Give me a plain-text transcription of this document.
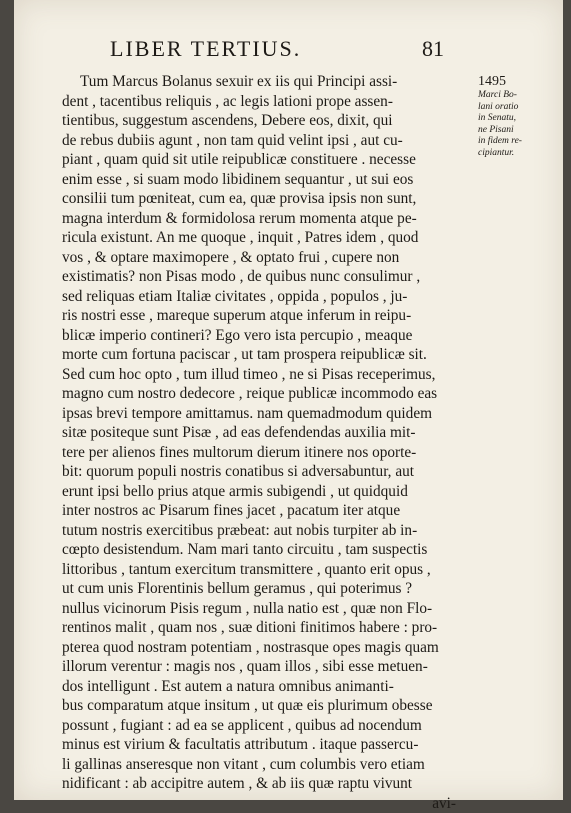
LIBER TERTIUS.	81
Tum Marcus Bolanus sexuir ex iis qui Principi assi-
dent , tacentibus reliquis , ac legis lationi prope assen-
tientibus, suggestum ascendens, Debere eos, dixit, qui
de rebus dubiis agunt , non tam quid velint ipsi , aut cu-
piant , quam quid sit utile reipublicæ constituere . necesse
enim esse , si suam modo libidinem sequantur , ut sui eos
consilii tum pœniteat, cum ea, quæ provisa ipsis non sunt,
magna interdum & formidolosa rerum momenta atque pe-
ricula existunt. An me quoque , inquit , Patres idem , quod
vos , & optare maximopere , & optato frui , cupere non
existimatis? non Pisas modo , de quibus nunc consulimur ,
sed reliquas etiam Italiæ civitates , oppida , populos , ju-
ris nostri esse , mareque superum atque inferum in reipu-
blicæ imperio contineri? Ego vero ista percupio , meaque
morte cum fortuna paciscar , ut tam prospera reipublicæ sit.
Sed cum hoc opto , tum illud timeo , ne si Pisas receperimus,
magno cum nostro dedecore , reique publicæ incommodo eas
ipsas brevi tempore amittamus. nam quemadmodum quidem
sitæ positeque sunt Pisæ , ad eas defendendas auxilia mit-
tere per alienos fines multorum dierum itinere nos oporte-
bit: quorum populi nostris conatibus si adversabuntur, aut
erunt ipsi bello prius atque armis subigendi , ut quidquid
inter nostros ac Pisarum fines jacet , pacatum iter atque
tutum nostris exercitibus præbeat: aut nobis turpiter ab in-
cœpto desistendum. Nam mari tanto circuitu , tam suspectis
littoribus , tantum exercitum transmittere , quanto erit opus ,
ut cum unis Florentinis bellum geramus , qui poterimus ?
nullus vicinorum Pisis regum , nulla natio est , quæ non Flo-
rentinos malit , quam nos , suæ ditioni finitimos habere : pro-
pterea quod nostram potentiam , nostrasque opes magis quam
illorum verentur : magis nos , quam illos , sibi esse metuen-
dos intelligunt . Est autem a natura omnibus animanti-
bus comparatum atque insitum , ut quæ eis plurimum obesse
possunt , fugiant : ad ea se applicent , quibus ad nocendum
minus est virium & facultatis attributum . itaque passercu-
li gallinas anseresque non vitant , cum columbis vero etiam
nidificant : ab accipitre autem , & ab iis quæ raptu vivunt
avi-
1495
Marci Bo-
lani oratio
in Senatu,
ne Pisani
in fidem re-
cipiantur.
